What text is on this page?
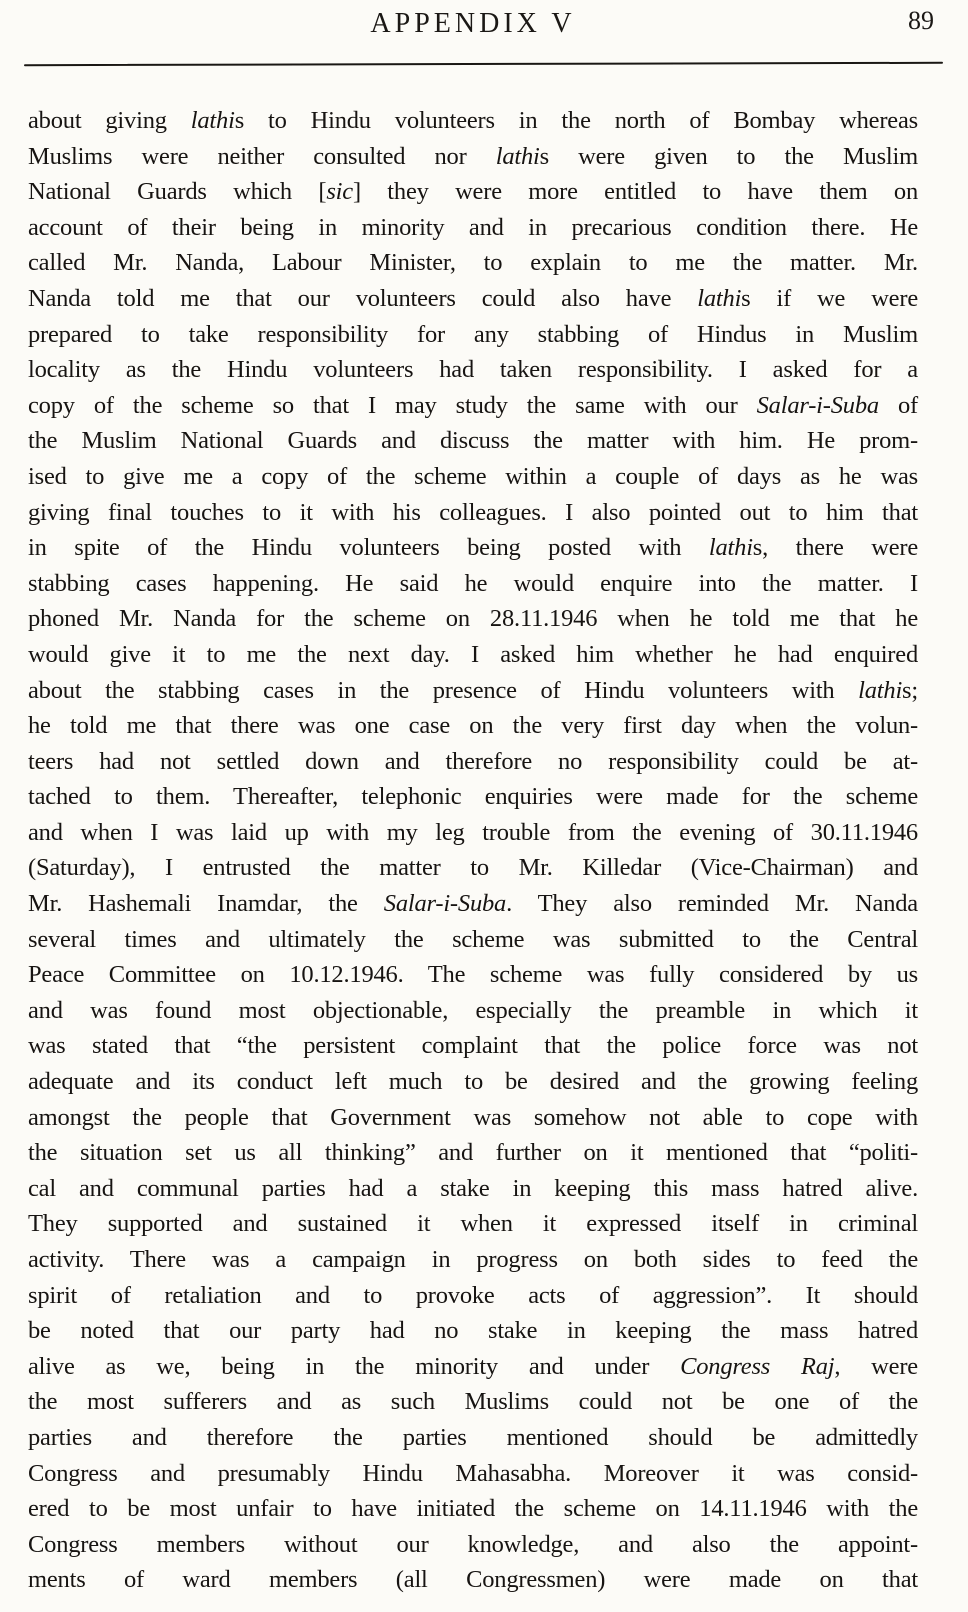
APPENDIX V	89
about giving lathis to Hindu volunteers in the north of Bombay whereas
Muslims were neither consulted nor lathis were given to the Muslim
National Guards which [sic] they were more entitled to have them on
account of their being in minority and in precarious condition there. He
called Mr. Nanda, Labour Minister, to explain to me the matter. Mr.
Nanda told me that our volunteers could also have lathis if we were
prepared to take responsibility for any stabbing of Hindus in Muslim
locality as the Hindu volunteers had taken responsibility. I asked for a
copy of the scheme so that I may study the same with our Salar-i-Suba of
the Muslim National Guards and discuss the matter with him. He prom-
ised to give me a copy of the scheme within a couple of days as he was
giving final touches to it with his colleagues. I also pointed out to him that
in spite of the Hindu volunteers being posted with lathis, there were
stabbing cases happening. He said he would enquire into the matter. I
phoned Mr. Nanda for the scheme on 28.11.1946 when he told me that he
would give it to me the next day. I asked him whether he had enquired
about the stabbing cases in the presence of Hindu volunteers with lathis;
he told me that there was one case on the very first day when the volun-
teers had not settled down and therefore no responsibility could be at-
tached to them. Thereafter, telephonic enquiries were made for the scheme
and when I was laid up with my leg trouble from the evening of 30.11.1946
(Saturday), I entrusted the matter to Mr. Killedar (Vice-Chairman) and
Mr. Hashemali Inamdar, the Salar-i-Suba. They also reminded Mr. Nanda
several times and ultimately the scheme was submitted to the Central
Peace Committee on 10.12.1946. The scheme was fully considered by us
and was found most objectionable, especially the preamble in which it
was stated that “the persistent complaint that the police force was not
adequate and its conduct left much to be desired and the growing feeling
amongst the people that Government was somehow not able to cope with
the situation set us all thinking” and further on it mentioned that “politi-
cal and communal parties had a stake in keeping this mass hatred alive.
They supported and sustained it when it expressed itself in criminal
activity. There was a campaign in progress on both sides to feed the
spirit of retaliation and to provoke acts of aggression”. It should
be noted that our party had no stake in keeping the mass hatred
alive as we, being in the minority and under Congress Raj, were
the most sufferers and as such Muslims could not be one of the
parties and therefore the parties mentioned should be admittedly
Congress and presumably Hindu Mahasabha. Moreover it was consid-
ered to be most unfair to have initiated the scheme on 14.11.1946 with the
Congress members without our knowledge, and also the appoint-
ments of ward members (all Congressmen) were made on that
